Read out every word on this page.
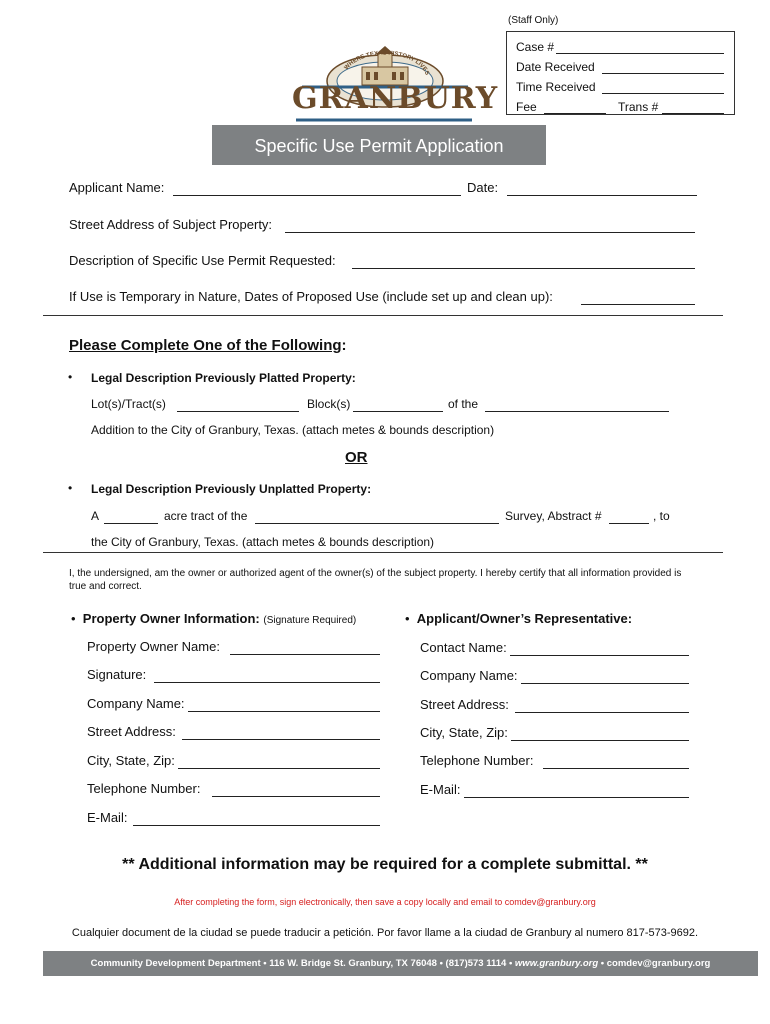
(Staff Only)
Case #
Date Received
Time Received
Fee	Trans #
WHERE TEXAS HISTORY LIVES
GRANBURY
Specific Use Permit Application
Applicant Name:	Date:
Street Address of Subject Property:
Description of Specific Use Permit Requested:
If Use is Temporary in Nature, Dates of Proposed Use (include set up and clean up):
Please Complete One of the Following:
• Legal Description Previously Platted Property:
Lot(s)/Tract(s)	Block(s)	of the
Addition to the City of Granbury, Texas. (attach metes & bounds description)
OR
• Legal Description Previously Unplatted Property:
A	acre tract of the	Survey, Abstract #	, to
the City of Granbury, Texas. (attach metes & bounds description)
I, the undersigned, am the owner or authorized agent of the owner(s) of the subject property. I hereby certify that all information provided is true and correct.
•  Property Owner Information: (Signature Required)
Property Owner Name:
Signature:
Company Name:
Street Address:
City, State, Zip:
Telephone Number:
E-Mail:
•  Applicant/Owner’s Representative:
Contact Name:
Company Name:
Street Address:
City, State, Zip:
Telephone Number:
E-Mail:
** Additional information may be required for a complete submittal. **
After completing the form, sign electronically, then save a copy locally and email to comdev@granbury.org
Cualquier document de la ciudad se puede traducir a petición. Por favor llame a la ciudad de Granbury al numero 817-573-9692.
Community Development Department • 116 W. Bridge St. Granbury, TX 76048 • (817)573 1114 • www.granbury.org • comdev@granbury.org
